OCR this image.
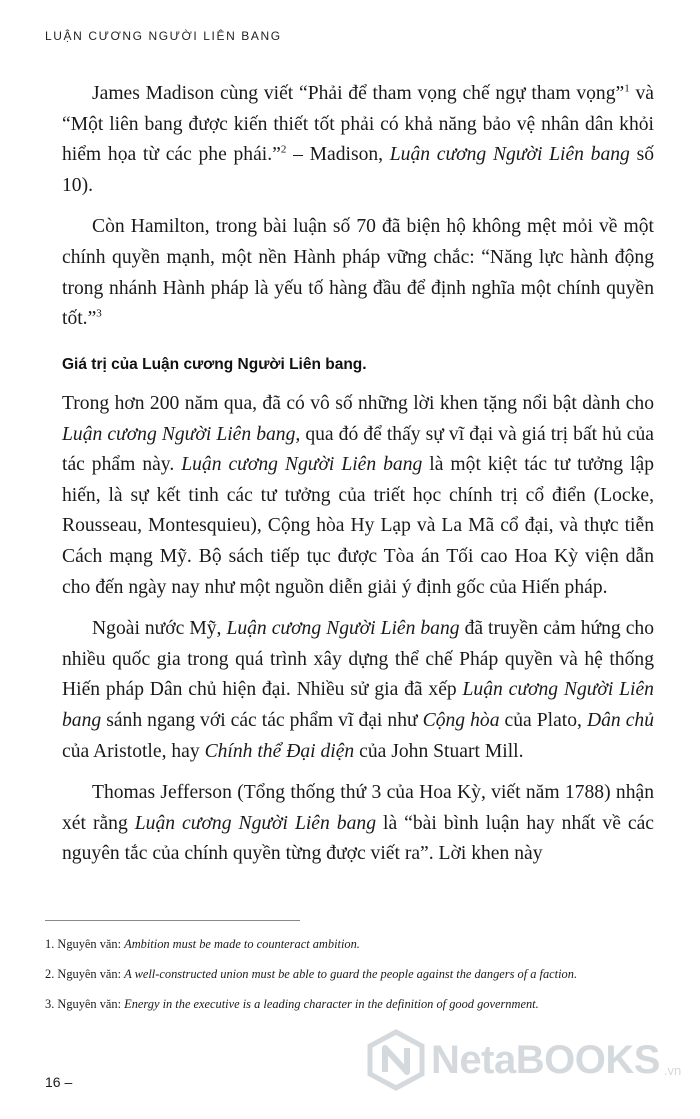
LUẬN CƯƠNG NGƯỜI LIÊN BANG

James Madison cùng viết “Phải để tham vọng chế ngự tham vọng”$^1$ và “Một liên bang được kiến thiết tốt phải có khả năng bảo vệ nhân dân khỏi hiểm họa từ các phe phái.”$^2$ – Madison, Luận cương Người Liên bang số 10).

Còn Hamilton, trong bài luận số 70 đã biện hộ không mệt mỏi về một chính quyền mạnh, một nền Hành pháp vững chắc: “Năng lực hành động trong nhánh Hành pháp là yếu tố hàng đầu để định nghĩa một chính quyền tốt.”$^3$

Giá trị của Luận cương Người Liên bang.

Trong hơn 200 năm qua, đã có vô số những lời khen tặng nổi bật dành cho Luận cương Người Liên bang, qua đó để thấy sự vĩ đại và giá trị bất hủ của tác phẩm này. Luận cương Người Liên bang là một kiệt tác tư tưởng lập hiến, là sự kết tinh các tư tưởng của triết học chính trị cổ điển (Locke, Rousseau, Montesquieu), Cộng hòa Hy Lạp và La Mã cổ đại, và thực tiễn Cách mạng Mỹ. Bộ sách tiếp tục được Tòa án Tối cao Hoa Kỳ viện dẫn cho đến ngày nay như một nguồn diễn giải ý định gốc của Hiến pháp.

Ngoài nước Mỹ, Luận cương Người Liên bang đã truyền cảm hứng cho nhiều quốc gia trong quá trình xây dựng thể chế Pháp quyền và hệ thống Hiến pháp Dân chủ hiện đại. Nhiều sử gia đã xếp Luận cương Người Liên bang sánh ngang với các tác phẩm vĩ đại như Cộng hòa của Plato, Dân chủ của Aristotle, hay Chính thể Đại diện của John Stuart Mill.

Thomas Jefferson (Tổng thống thứ 3 của Hoa Kỳ, viết năm 1788) nhận xét rằng Luận cương Người Liên bang là “bài bình luận hay nhất về các nguyên tắc của chính quyền từng được viết ra”. Lời khen này

1. Nguyên văn: Ambition must be made to counteract ambition.

2. Nguyên văn: A well-constructed union must be able to guard the people against the dangers of a faction.

3. Nguyên văn: Energy in the executive is a leading character in the definition of good government.

16 –
NetaBOOKS .vn
